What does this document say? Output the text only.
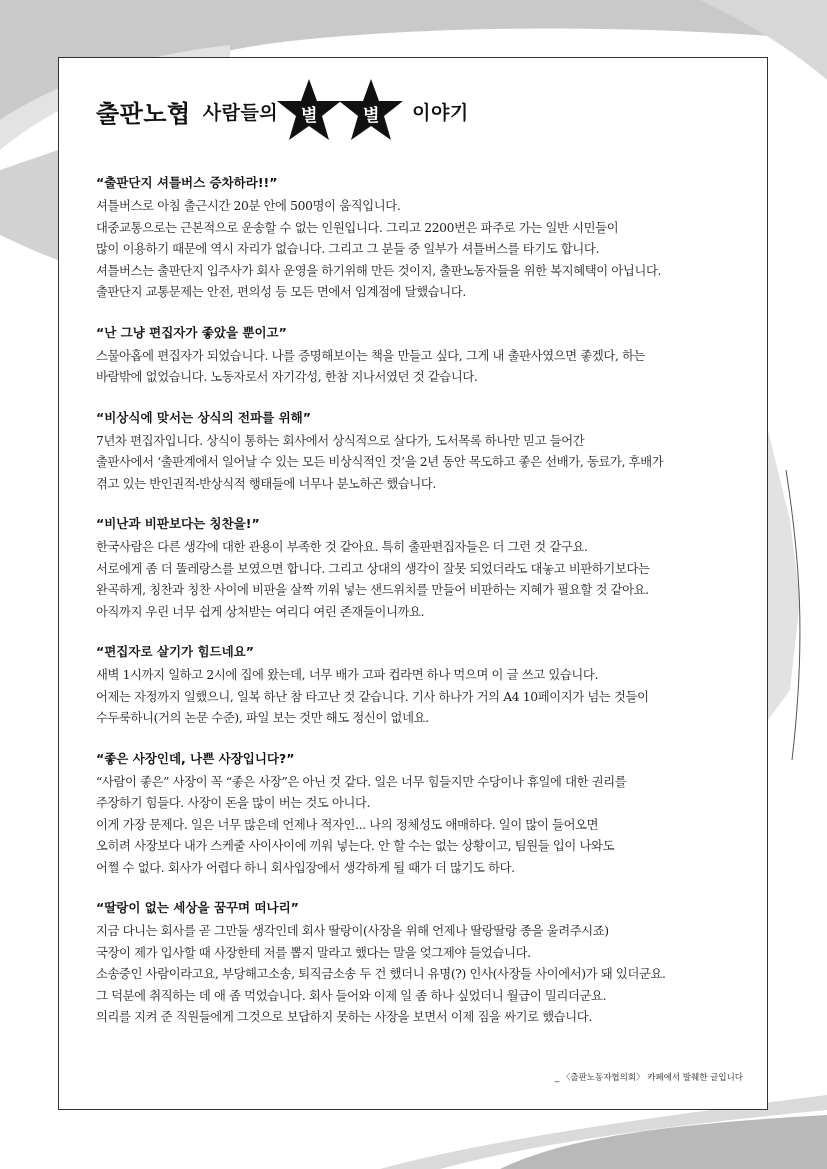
출판노협 사람들의	별	별	이야기
“출판단지 셔틀버스 증차하라!!”
셔틀버스로 아침 출근시간 20분 안에 500명이 움직입니다.
대중교통으로는 근본적으로 운송할 수 없는 인원입니다. 그리고 2200번은 파주로 가는 일반 시민들이
많이 이용하기 때문에 역시 자리가 없습니다. 그리고 그 분들 중 일부가 셔틀버스를 타기도 합니다.
셔틀버스는 출판단지 입주사가 회사 운영을 하기위해 만든 것이지, 출판노동자들을 위한 복지혜택이 아닙니다.
출판단지 교통문제는 안전, 편의성 등 모든 면에서 임계점에 달했습니다.
“난 그냥 편집자가 좋았을 뿐이고”
스물아홉에 편집자가 되었습니다. 나를 증명해보이는 책을 만들고 싶다, 그게 내 출판사였으면 좋겠다, 하는
바람밖에 없었습니다. 노동자로서 자기각성, 한참 지나서였던 것 같습니다.
“비상식에 맞서는 상식의 전파를 위해”
7년차 편집자입니다. 상식이 통하는 회사에서 상식적으로 살다가, 도서목록 하나만 믿고 들어간
출판사에서 ‘출판계에서 일어날 수 있는 모든 비상식적인 것’을 2년 동안 목도하고 좋은 선배가, 동료가, 후배가
겪고 있는 반인권적-반상식적 행태들에 너무나 분노하곤 했습니다.
“비난과 비판보다는 칭찬을!”
한국사람은 다른 생각에 대한 관용이 부족한 것 같아요. 특히 출판편집자들은 더 그런 것 같구요.
서로에게 좀 더 똘레랑스를 보였으면 합니다. 그리고 상대의 생각이 잘못 되었더라도 대놓고 비판하기보다는
완곡하게, 칭찬과 칭찬 사이에 비판을 살짝 끼워 넣는 샌드위치를 만들어 비판하는 지혜가 필요할 것 같아요.
아직까지 우린 너무 쉽게 상처받는 여리디 여린 존재들이니까요.
“편집자로 살기가 힘드네요”
새벽 1시까지 일하고 2시에 집에 왔는데, 너무 배가 고파 컵라면 하나 먹으며 이 글 쓰고 있습니다.
어제는 자정까지 일했으니, 일복 하난 참 타고난 것 같습니다. 기사 하나가 거의 A4 10페이지가 넘는 것들이
수두룩하니(거의 논문 수준), 파일 보는 것만 해도 정신이 없네요.
“좋은 사장인데, 나쁜 사장입니다?”
“사람이 좋은” 사장이 꼭 “좋은 사장”은 아닌 것 같다. 일은 너무 힘들지만 수당이나 휴일에 대한 권리를
주장하기 힘들다. 사장이 돈을 많이 버는 것도 아니다.
이게 가장 문제다. 일은 너무 많은데 언제나 적자인... 나의 정체성도 애매하다. 일이 많이 들어오면
오히려 사장보다 내가 스케줄 사이사이에 끼워 넣는다. 안 할 수는 없는 상황이고, 팀원들 입이 나와도
어쩔 수 없다. 회사가 어렵다 하니 회사입장에서 생각하게 될 때가 더 많기도 하다.
“딸랑이 없는 세상을 꿈꾸며 떠나리”
지금 다니는 회사를 곧 그만둘 생각인데 회사 딸랑이(사장을 위해 언제나 딸랑딸랑 종을 울려주시죠)
국장이 제가 입사할 때 사장한테 저를 뽑지 말라고 했다는 말을 엊그제야 들었습니다.
소송중인 사람이라고요, 부당해고소송, 퇴직금소송 두 건 했더니 유명(?) 인사(사장들 사이에서)가 돼 있더군요.
그 덕분에 취직하는 데 애 좀 먹었습니다. 회사 들어와 이제 일 좀 하나 싶었더니 월급이 밀리더군요.
의리를 지켜 준 직원들에게 그것으로 보답하지 못하는 사장을 보면서 이제 짐을 싸기로 했습니다.
_ 〈출판노동자협의회〉 카페에서 발췌한 글입니다
